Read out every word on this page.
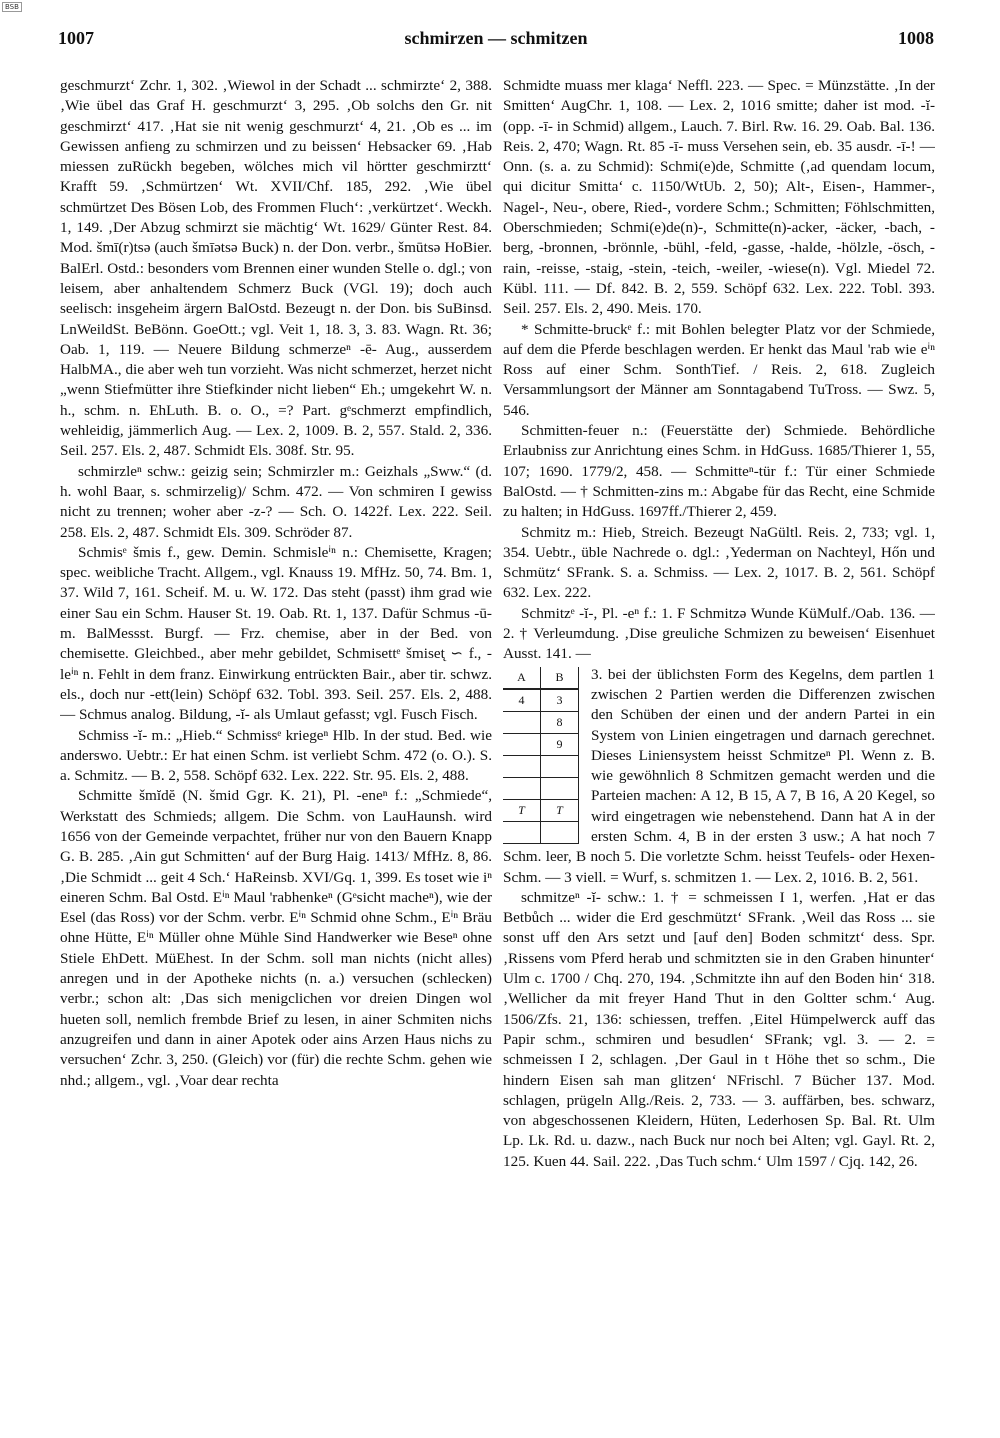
BSB
1007	schmirzen — schmitzen	1008

geschmurzt‘ Zchr. 1, 302. ‚Wiewol in der Schadt ... schmirzte‘ 2, 388. ‚Wie übel das Graf H. geschmurzt‘ 3, 295. ‚Ob solchs den Gr. nit geschmirzt‘ 417. ‚Hat sie nit wenig geschmurzt‘ 4, 21. ‚Ob es ... im Gewissen anfieng zu schmirzen und zu beissen‘ Hebsacker 69. ‚Hab miessen zuRückh begeben, wölches mich vil hörtter geschmirztt‘ Krafft 59. ‚Schmürtzen‘ Wt. XVII/Chf. 185, 292. ‚Wie übel schmürtzet Des Bösen Lob, des Frommen Fluch‘: ‚verkürtzet‘. Weckh. 1, 149. ‚Der Abzug schmirzt sie mächtig‘ Wt. 1629/ Günter Rest. 84. Mod. šmī(r)tsə (auch šmīətsə Buck) n. der Don. verbr., šmūtsə HoBier. BalErl. Ostd.: besonders vom Brennen einer wunden Stelle o. dgl.; von leisem, aber anhaltendem Schmerz Buck (VGl. 19); doch auch seelisch: insgeheim ärgern BalOstd. Bezeugt n. der Don. bis SuBinsd. LnWeildSt. BeBönn. GoeOtt.; vgl. Veit 1, 18. 3, 3. 83. Wagn. Rt. 36; Oab. 1, 119. — Neuere Bildung schmerzeⁿ -ē- Aug., ausserdem HalbMA., die aber weh tun vorzieht. Was nicht schmerzet, herzet nicht „wenn Stiefmütter ihre Stiefkinder nicht lieben“ Eh.; umgekehrt W. n. h., schm. n. EhLuth. B. o. O., =? Part. gᵉschmerzt empfindlich, wehleidig, jämmerlich Aug. — Lex. 2, 1009. B. 2, 557. Stald. 2, 336. Seil. 257. Els. 2, 487. Schmidt Els. 308f. Str. 95.

schmirzleⁿ schw.: geizig sein; Schmirzler m.: Geizhals „Sww.“ (d. h. wohl Baar, s. schmirzelig)/ Schm. 472. — Von schmiren I gewiss nicht zu trennen; woher aber -z-? — Sch. O. 1422f. Lex. 222. Seil. 258. Els. 2, 487. Schmidt Els. 309. Schröder 87.

Schmisᵉ šmis f., gew. Demin. Schmisleⁱⁿ n.: Chemisette, Kragen; spec. weibliche Tracht. Allgem., vgl. Knauss 19. MfHz. 50, 74. Bm. 1, 37. Wild 7, 161. Scheif. M. u. W. 172. Das steht (passt) ihm grad wie einer Sau ein Schm. Hauser St. 19. Oab. Rt. 1, 137. Dafür Schmus -ū- m. BalMessst. Burgf. — Frz. chemise, aber in der Bed. von chemisette. Gleichbed., aber mehr gebildet, Schmisettᵉ šmiset̨ ∽ f., -leⁱⁿ n. Fehlt in dem franz. Einwirkung entrückten Bair., aber tir. schwz. els., doch nur -ett(lein) Schöpf 632. Tobl. 393. Seil. 257. Els. 2, 488. — Schmus analog. Bildung, -ĭ- als Umlaut gefasst; vgl. Fusch Fisch.

Schmiss -ĭ- m.: „Hieb.“ Schmissᵉ kriegeⁿ Hlb. In der stud. Bed. wie anderswo. Uebtr.: Er hat einen Schm. ist verliebt Schm. 472 (o. O.). S. a. Schmitz. — B. 2, 558. Schöpf 632. Lex. 222. Str. 95. Els. 2, 488.

Schmitte šmĭdĕ (N. šmid Ggr. K. 21), Pl. -eneⁿ f.: „Schmiede“, Werkstatt des Schmieds; allgem. Die Schm. von LauHaunsh. wird 1656 von der Gemeinde verpachtet, früher nur von den Bauern Knapp G. B. 285. ‚Ain gut Schmitten‘ auf der Burg Haig. 1413/ MfHz. 8, 86. ‚Die Schmidt ... geit 4 Sch.‘ HaReinsb. XVI/Gq. 1, 399. Es toset wie iⁿ eineren Schm. Bal Ostd. Eⁱⁿ Maul 'rabhenkeⁿ (Gᵉsicht macheⁿ), wie der Esel (das Ross) vor der Schm. verbr. Eⁱⁿ Schmid ohne Schm., Eⁱⁿ Bräu ohne Hütte, Eⁱⁿ Müller ohne Mühle Sind Handwerker wie Beseⁿ ohne Stiele EhDett. MüEhest. In der Schm. soll man nichts (nicht alles) anregen und in der Apotheke nichts (n. a.) versuchen (schlecken) verbr.; schon alt: ‚Das sich menigclichen vor dreien Dingen wol hueten soll, nemlich frembde Brief zu lesen, in ainer Schmiten nichs anzugreifen und dann in ainer Apotek oder ains Arzen Haus nichs zu versuchen‘ Zchr. 3, 250. (Gleich) vor (für) die rechte Schm. gehen wie nhd.; allgem., vgl. ‚Voar dear rechta

Schmidte muass mer klaga‘ Neffl. 223. — Spec. = Münzstätte. ‚In der Smitten‘ AugChr. 1, 108. — Lex. 2, 1016 smitte; daher ist mod. -ĭ- (opp. -ī- in Schmid) allgem., Lauch. 7. Birl. Rw. 16. 29. Oab. Bal. 136. Reis. 2, 470; Wagn. Rt. 85 -ī- muss Versehen sein, eb. 35 ausdr. -ī-! — Onn. (s. a. zu Schmid): Schmi(e)de, Schmitte (‚ad quendam locum, qui dicitur Smitta‘ c. 1150/WtUb. 2, 50); Alt-, Eisen-, Hammer-, Nagel-, Neu-, obere, Ried-, vordere Schm.; Schmitten; Föhlschmitten, Oberschmieden; Schmi(e)de(n)-, Schmitte(n)-acker, -äcker, -bach, -berg, -bronnen, -brönnle, -bühl, -feld, -gasse, -halde, -hölzle, -ösch, -rain, -reisse, -staig, -stein, -teich, -weiler, -wiese(n). Vgl. Miedel 72. Kübl. 111. — Df. 842. B. 2, 559. Schöpf 632. Lex. 222. Tobl. 393. Seil. 257. Els. 2, 490. Meis. 170.

* Schmitte-bruckᵉ f.: mit Bohlen belegter Platz vor der Schmiede, auf dem die Pferde beschlagen werden. Er henkt das Maul 'rab wie eⁱⁿ Ross auf einer Schm. SonthTief. / Reis. 2, 618. Zugleich Versammlungsort der Männer am Sonntagabend TuTross. — Swz. 5, 546.

Schmitten-feuer n.: (Feuerstätte der) Schmiede. Behördliche Erlaubniss zur Anrichtung eines Schm. in HdGuss. 1685/Thierer 1, 55, 107; 1690. 1779/2, 458. — Schmitteⁿ-tür f.: Tür einer Schmiede BalOstd. — † Schmitten-zins m.: Abgabe für das Recht, eine Schmide zu halten; in HdGuss. 1697ff./Thierer 2, 459.

Schmitz m.: Hieb, Streich. Bezeugt NaGültl. Reis. 2, 733; vgl. 1, 354. Uebtr., üble Nachrede o. dgl.: ‚Yederman on Nachteyl, Hőn und Schmütz‘ SFrank. S. a. Schmiss. — Lex. 2, 1017. B. 2, 561. Schöpf 632. Lex. 222.

Schmitzᵉ -ĭ-, Pl. -eⁿ f.: 1. F Schmitzə Wunde KüMulf./Oab. 136. — 2. † Verleumdung. ‚Dise greuliche Schmizen zu beweisen‘ Eisenhuet Ausst. 141. —

A	B
4	3
	8
	9

T	T

3. bei der üblichsten Form des Kegelns, dem partlen 1 zwischen 2 Partien werden die Differenzen zwischen den Schüben der einen und der andern Partei in ein System von Linien eingetragen und darnach gerechnet. Dieses Liniensystem heisst Schmitzeⁿ Pl. Wenn z. B. wie gewöhnlich 8 Schmitzen gemacht werden und die Parteien machen: A 12, B 15, A 7, B 16, A 20 Kegel, so wird eingetragen wie nebenstehend. Dann hat A in der ersten Schm. 4, B in der ersten 3 usw.; A hat noch 7 Schm. leer, B noch 5. Die vorletzte Schm. heisst Teufels- oder Hexen-Schm. — 3 viell. = Wurf, s. schmitzen 1. — Lex. 2, 1016. B. 2, 561.

schmitzeⁿ -ĭ- schw.: 1. † = schmeissen I 1, werfen. ‚Hat er das Betbůch ... wider die Erd geschmützt‘ SFrank. ‚Weil das Ross ... sie sonst uff den Ars setzt und [auf den] Boden schmitzt‘ dess. Spr. ‚Rissens vom Pferd herab und schmitzten sie in den Graben hinunter‘ Ulm c. 1700 / Chq. 270, 194. ‚Schmitzte ihn auf den Boden hin‘ 318. ‚Wellicher da mit freyer Hand Thut in den Goltter schm.‘ Aug. 1506/Zfs. 21, 136: schiessen, treffen. ‚Eitel Hümpelwerck auff das Papir schm., schmiren und besudlen‘ SFrank; vgl. 3. — 2. = schmeissen I 2, schlagen. ‚Der Gaul in t Höhe thet so schm., Die hindern Eisen sah man glitzen‘ NFrischl. 7 Bücher 137. Mod. schlagen, prügeln Allg./Reis. 2, 733. — 3. auffärben, bes. schwarz, von abgeschossenen Kleidern, Hüten, Lederhosen Sp. Bal. Rt. Ulm Lp. Lk. Rd. u. dazw., nach Buck nur noch bei Alten; vgl. Gayl. Rt. 2, 125. Kuen 44. Sail. 222. ‚Das Tuch schm.‘ Ulm 1597 / Cjq. 142, 26.
